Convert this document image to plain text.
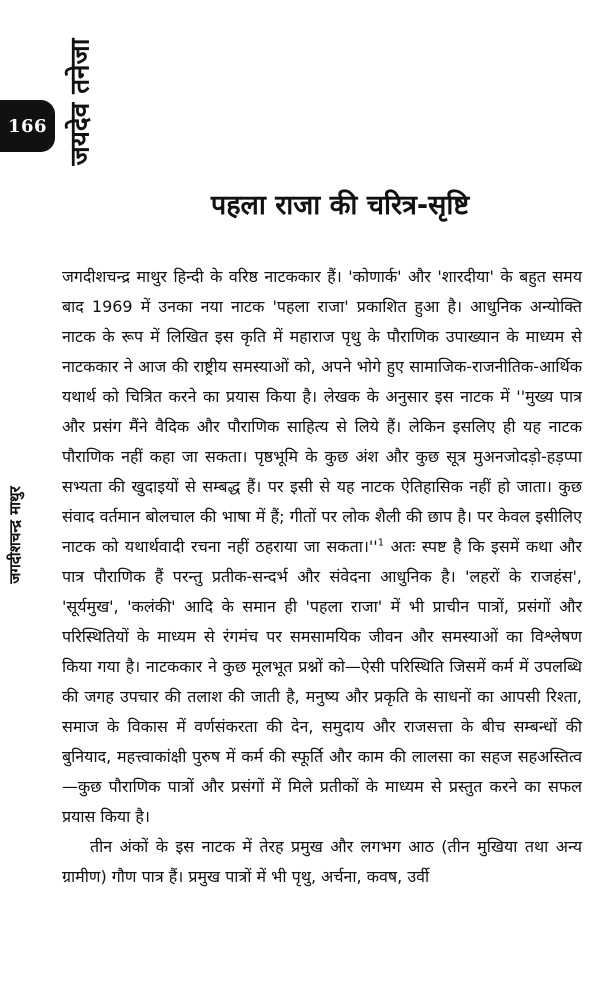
166 जयदेव तनेजा
जगदीशचन्द्र माथुर
पहला राजा की चरित्र-सृष्टि

जगदीशचन्द्र माथुर हिन्दी के वरिष्ठ नाटककार हैं। 'कोणार्क' और 'शारदीया' के बहुत समय बाद 1969 में उनका नया नाटक 'पहला राजा' प्रकाशित हुआ है। आधुनिक अन्योक्ति नाटक के रूप में लिखित इस कृति में महाराज पृथु के पौराणिक उपाख्यान के माध्यम से नाटककार ने आज की राष्ट्रीय समस्याओं को, अपने भोगे हुए सामाजिक-राजनीतिक-आर्थिक यथार्थ को चित्रित करने का प्रयास किया है। लेखक के अनुसार इस नाटक में ''मुख्य पात्र और प्रसंग मैंने वैदिक और पौराणिक साहित्य से लिये हैं। लेकिन इसलिए ही यह नाटक पौराणिक नहीं कहा जा सकता। पृष्ठभूमि के कुछ अंश और कुछ सूत्र मुअनजोदड़ो-हड़प्पा सभ्यता की खुदाइयों से सम्बद्ध हैं। पर इसी से यह नाटक ऐतिहासिक नहीं हो जाता। कुछ संवाद वर्तमान बोलचाल की भाषा में हैं; गीतों पर लोक शैली की छाप है। पर केवल इसीलिए नाटक को यथार्थवादी रचना नहीं ठहराया जा $सकता।''^1$ अतः स्पष्ट है कि इसमें कथा और पात्र पौराणिक हैं परन्तु प्रतीक-सन्दर्भ और संवेदना आधुनिक है। 'लहरों के राजहंस', 'सूर्यमुख', 'कलंकी' आदि के समान ही 'पहला राजा' में भी प्राचीन पात्रों, प्रसंगों और परिस्थितियों के माध्यम से रंगमंच पर समसामयिक जीवन और समस्याओं का विश्लेषण किया गया है। नाटककार ने कुछ मूलभूत प्रश्नों को—ऐसी परिस्थिति जिसमें कर्म में उपलब्धि की जगह उपचार की तलाश की जाती है, मनुष्य और प्रकृति के साधनों का आपसी रिश्ता, समाज के विकास में वर्णसंकरता की देन, समुदाय और राजसत्ता के बीच सम्बन्धों की बुनियाद, महत्त्वाकांक्षी पुरुष में कर्म की स्फूर्ति और काम की लालसा का सहज सहअस्तित्व—कुछ पौराणिक पात्रों और प्रसंगों में मिले प्रतीकों के माध्यम से प्रस्तुत करने का सफल प्रयास किया है।

तीन अंकों के इस नाटक में तेरह प्रमुख और लगभग आठ (तीन मुखिया तथा अन्य ग्रामीण) गौण पात्र हैं। प्रमुख पात्रों में भी पृथु, अर्चना, कवष, उर्वी
